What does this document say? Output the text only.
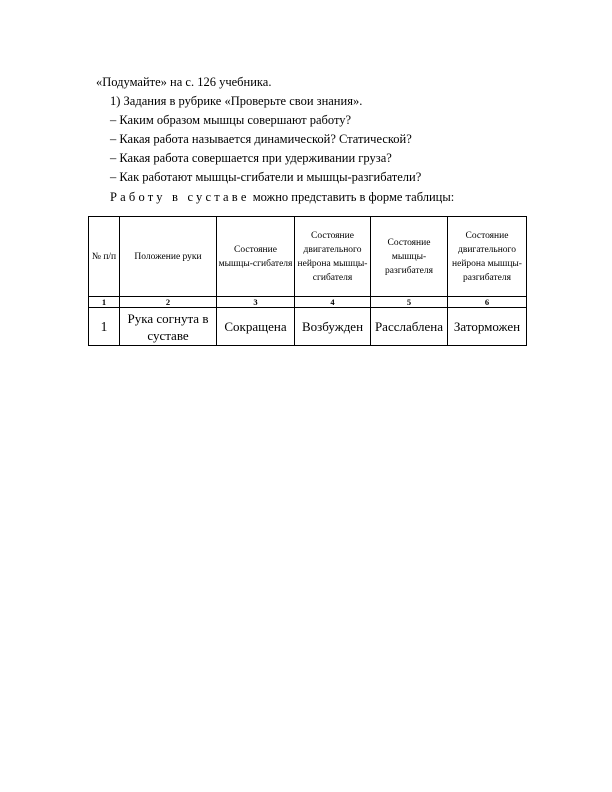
«Подумайте» на с. 126 учебника.
1) Задания в рубрике «Проверьте свои знания».
– Каким образом мышцы совершают работу?
– Какая работа называется динамической? Статической?
– Какая работа совершается при удерживании груза?
– Как работают мышцы-сгибатели и мышцы-разгибатели?
Работу в суставе можно представить в форме таблицы:
№ п/п	Положение руки	Состояние мышцы-сгибателя	Состояние двигательного нейрона мышцы-сгибателя	Состояние мышцы-разгибателя	Состояние двигательного нейрона мышцы-разгибателя
1	2	3	4	5	6
1	Рука согнута в суставе	Сокращена	Возбужден	Расслаблена	Заторможен
